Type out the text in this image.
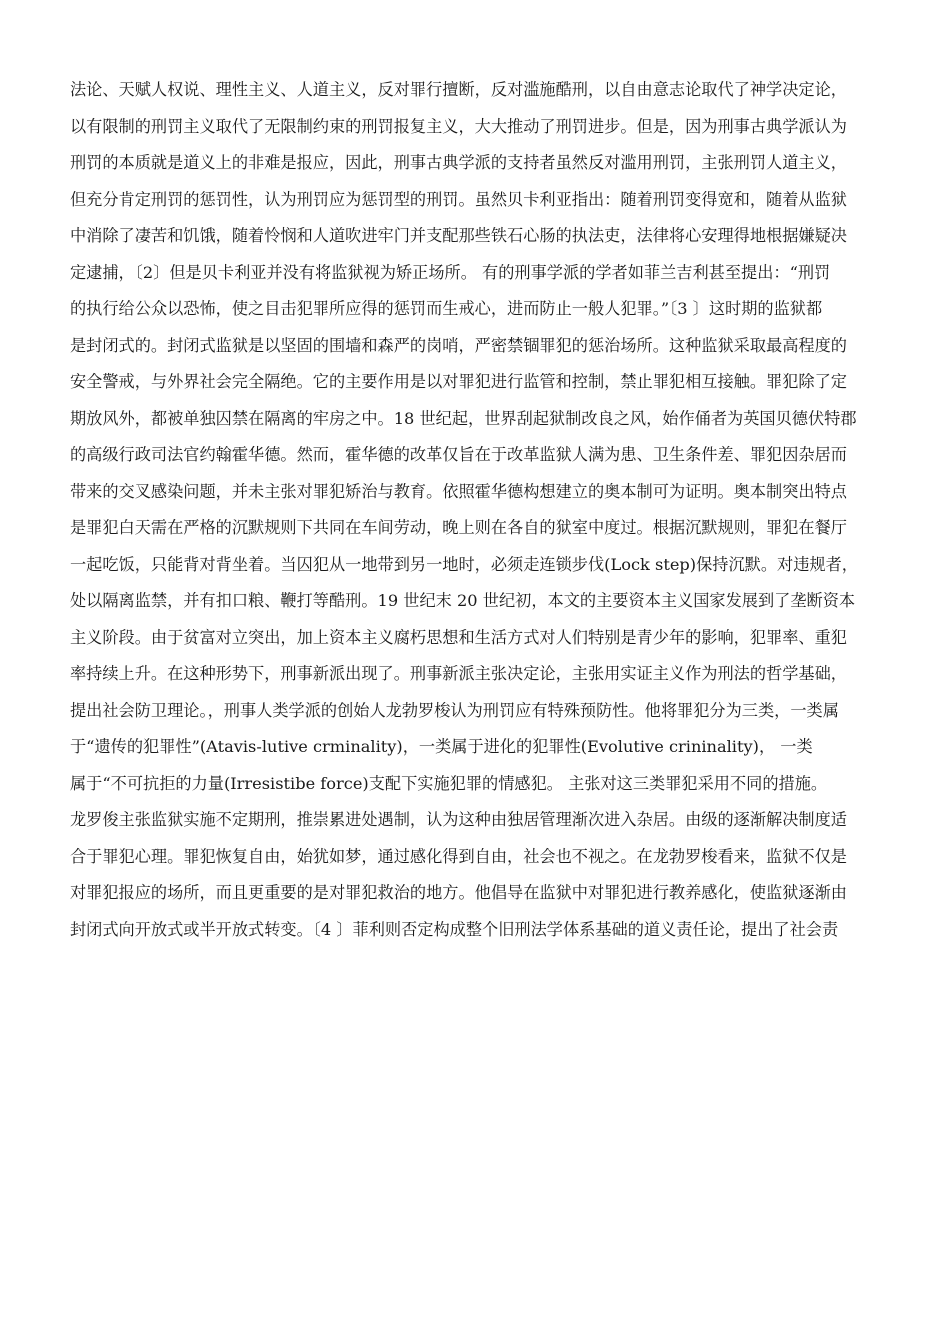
法论、天赋人权说、理性主义、人道主义，反对罪行擅断，反对滥施酷刑，以自由意志论取代了神学决定论，
以有限制的刑罚主义取代了无限制约束的刑罚报复主义，大大推动了刑罚进步。但是，因为刑事古典学派认为
刑罚的本质就是道义上的非难是报应，因此，刑事古典学派的支持者虽然反对滥用刑罚，主张刑罚人道主义，
但充分肯定刑罚的惩罚性，认为刑罚应为惩罚型的刑罚。虽然贝卡利亚指出：随着刑罚变得宽和，随着从监狱
中消除了凄苦和饥饿，随着怜悯和人道吹进牢门并支配那些铁石心肠的执法吏，法律将心安理得地根据嫌疑决
定逮捕，〔2〕但是贝卡利亚并没有将监狱视为矫正场所。 有的刑事学派的学者如菲兰吉利甚至提出：“刑罚
的执行给公众以恐怖，使之目击犯罪所应得的惩罚而生戒心，进而防止一般人犯罪。”〔3 〕这时期的监狱都
是封闭式的。封闭式监狱是以坚固的围墙和森严的岗哨，严密禁锢罪犯的惩治场所。这种监狱采取最高程度的
安全警戒，与外界社会完全隔绝。它的主要作用是以对罪犯进行监管和控制，禁止罪犯相互接触。罪犯除了定
期放风外，都被单独囚禁在隔离的牢房之中。18 世纪起，世界刮起狱制改良之风，始作俑者为英国贝德伏特郡
的高级行政司法官约翰霍华德。然而，霍华德的改革仅旨在于改革监狱人满为患、卫生条件差、罪犯因杂居而
带来的交叉感染问题，并未主张对罪犯矫治与教育。依照霍华德构想建立的奥本制可为证明。奥本制突出特点
是罪犯白天需在严格的沉默规则下共同在车间劳动，晚上则在各自的狱室中度过。根据沉默规则，罪犯在餐厅
一起吃饭，只能背对背坐着。当囚犯从一地带到另一地时，必须走连锁步伐(Lock step)保持沉默。对违规者，
处以隔离监禁，并有扣口粮、鞭打等酷刑。19 世纪末 20 世纪初，本文的主要资本主义国家发展到了垄断资本
主义阶段。由于贫富对立突出，加上资本主义腐朽思想和生活方式对人们特别是青少年的影响，犯罪率、重犯
率持续上升。在这种形势下，刑事新派出现了。刑事新派主张决定论，主张用实证主义作为刑法的哲学基础，
提出社会防卫理论。，刑事人类学派的创始人龙勃罗梭认为刑罚应有特殊预防性。他将罪犯分为三类，一类属
于“遗传的犯罪性”(Atavis-lutive crminality)，一类属于进化的犯罪性(Evolutive crininality)， 一类
属于“不可抗拒的力量(Irresistibe force)支配下实施犯罪的情感犯。 主张对这三类罪犯采用不同的措施。
龙罗俊主张监狱实施不定期刑，推崇累进处遇制，认为这种由独居管理渐次进入杂居。由级的逐渐解决制度适
合于罪犯心理。罪犯恢复自由，始犹如梦，通过感化得到自由，社会也不视之。在龙勃罗梭看来，监狱不仅是
对罪犯报应的场所，而且更重要的是对罪犯救治的地方。他倡导在监狱中对罪犯进行教养感化，使监狱逐渐由
封闭式向开放式或半开放式转变。〔4 〕菲利则否定构成整个旧刑法学体系基础的道义责任论，提出了社会责
